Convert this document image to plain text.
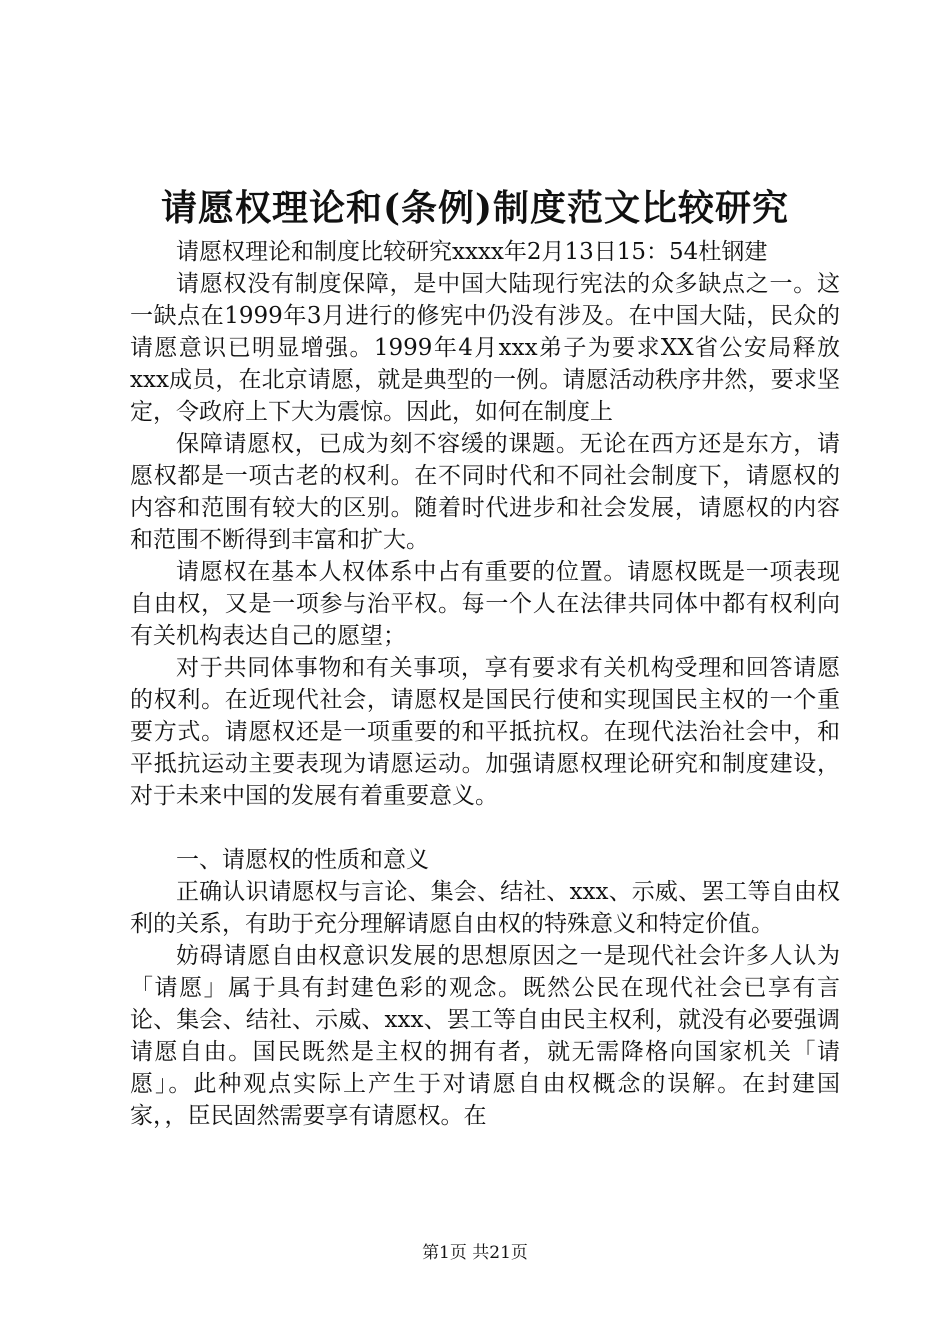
请愿权理论和(条例)制度范文比较研究

请愿权理论和制度比较研究xxxx年2月13日15：54杜钢建

请愿权没有制度保障，是中国大陆现行宪法的众多缺点之一。这一缺点在1999年3月进行的修宪中仍没有涉及。在中国大陆，民众的请愿意识已明显增强。1999年4月xxx弟子为要求XX省公安局释放xxx成员，在北京请愿，就是典型的一例。请愿活动秩序井然，要求坚定，令政府上下大为震惊。因此，如何在制度上

保障请愿权，已成为刻不容缓的课题。无论在西方还是东方，请愿权都是一项古老的权利。在不同时代和不同社会制度下，请愿权的内容和范围有较大的区别。随着时代进步和社会发展，请愿权的内容和范围不断得到丰富和扩大。

请愿权在基本人权体系中占有重要的位置。请愿权既是一项表现自由权，又是一项参与治平权。每一个人在法律共同体中都有权利向有关机构表达自己的愿望；

对于共同体事物和有关事项，享有要求有关机构受理和回答请愿的权利。在近现代社会，请愿权是国民行使和实现国民主权的一个重要方式。请愿权还是一项重要的和平抵抗权。在现代法治社会中，和平抵抗运动主要表现为请愿运动。加强请愿权理论研究和制度建设，对于未来中国的发展有着重要意义。

一、请愿权的性质和意义

正确认识请愿权与言论、集会、结社、xxx、示威、罢工等自由权利的关系，有助于充分理解请愿自由权的特殊意义和特定价值。

妨碍请愿自由权意识发展的思想原因之一是现代社会许多人认为「请愿」属于具有封建色彩的观念。既然公民在现代社会已享有言论、集会、结社、示威、xxx、罢工等自由民主权利，就没有必要强调请愿自由。国民既然是主权的拥有者，就无需降格向国家机关「请愿」。此种观点实际上产生于对请愿自由权概念的误解。在封建国家，，臣民固然需要享有请愿权。在

第1页 共21页
